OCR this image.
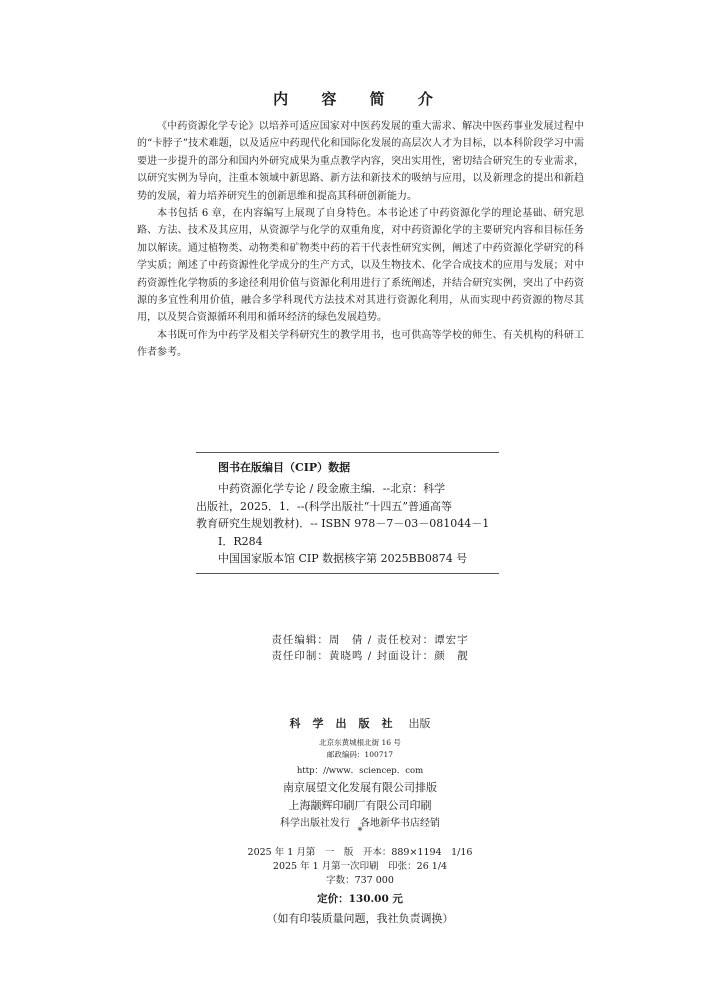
内 容 简 介

《中药资源化学专论》以培养可适应国家对中医药发展的重大需求、解决中医药事业发展过程中的“卡脖子”技术难题，以及适应中药现代化和国际化发展的高层次人才为目标，以本科阶段学习中需要进一步提升的部分和国内外研究成果为重点教学内容，突出实用性，密切结合研究生的专业需求，以研究实例为导向，注重本领域中新思路、新方法和新技术的吸纳与应用，以及新理念的提出和新趋势的发展，着力培养研究生的创新思维和提高其科研创新能力。

本书包括 6 章，在内容编写上展现了自身特色。本书论述了中药资源化学的理论基础、研究思路、方法、技术及其应用，从资源学与化学的双重角度，对中药资源化学的主要研究内容和目标任务加以解读。通过植物类、动物类和矿物类中药的若干代表性研究实例，阐述了中药资源化学研究的科学实质；阐述了中药资源性化学成分的生产方式，以及生物技术、化学合成技术的应用与发展；对中药资源性化学物质的多途径利用价值与资源化利用进行了系统阐述，并结合研究实例，突出了中药资源的多宜性利用价值，融合多学科现代方法技术对其进行资源化利用，从而实现中药资源的物尽其用，以及契合资源循环利用和循环经济的绿色发展趋势。

本书既可作为中药学及相关学科研究生的教学用书，也可供高等学校的师生、有关机构的科研工作者参考。

图书在版编目（CIP）数据
中药资源化学专论 / 段金廒主编．--北京：科学
出版社，2025．1．--(科学出版社“十四五”普通高等
教育研究生规划教材)．-- ISBN 978－7－03－081044－1
Ⅰ．R284
中国国家版本馆 CIP 数据核字第 2025BB0874 号
责任编辑：周　倩 / 责任校对：谭宏宇
责任印制：黄晓鸣 / 封面设计：颜　靓
科学出版社 出版
北京东黄城根北街 16 号
邮政编码：100717
http：//www．sciencep．com
南京展望文化发展有限公司排版
上海颛辉印刷厂有限公司印刷
科学出版社发行　各地新华书店经销
*
2025 年 1 月第　一　版　开本：889×1194　1/16
2025 年 1 月第一次印刷　印张：26 1/4
字数：737 000
定价：130.00 元
（如有印装质量问题，我社负责调换）
